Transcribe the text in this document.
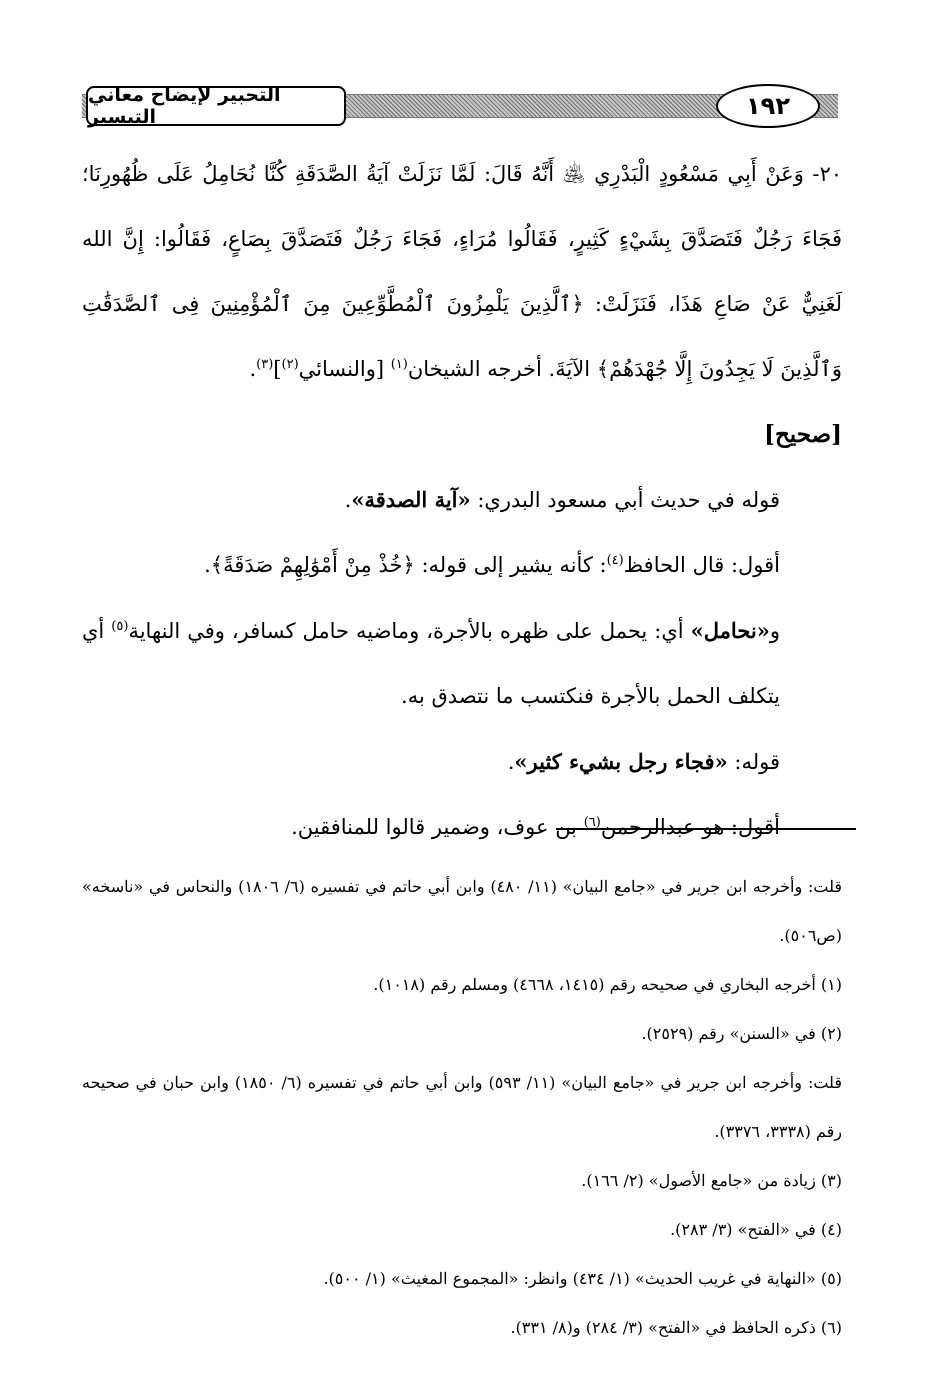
التحبير لإيضاح معاني التيسير	١٩٢

٢٠- وَعَنْ أَبِي مَسْعُودٍ الْبَدْرِي ﵁ أَنَّهُ قَالَ: لَمَّا نَزَلَتْ آيَةُ الصَّدَقَةِ كُنَّا نُحَامِلُ عَلَى ظُهُورِنَا؛ فَجَاءَ رَجُلٌ فَتَصَدَّقَ بِشَيْءٍ كَثِيرٍ، فَقَالُوا مُرَاءٍ، فَجَاءَ رَجُلٌ فَتَصَدَّقَ بِصَاعٍ، فَقَالُوا: إِنَّ الله لَغَنِيٌّ عَنْ صَاعِ هَذَا، فَنَزَلَتْ: ﴿ٱلَّذِينَ يَلْمِزُونَ ٱلْمُطَّوِّعِينَ مِنَ ٱلْمُؤْمِنِينَ فِى ٱلصَّدَقَٰتِ وَٱلَّذِينَ لَا يَجِدُونَ إِلَّا جُهْدَهُمْ﴾ الآيَةَ. أخرجه الشيخان$^{(١)}$ [والنسائي$^{(٢)}$]$^{(٣)}$.

[صحيح]

قوله في حديث أبي مسعود البدري: «آية الصدقة».

أقول: قال الحافظ$^{(٤)}$: كأنه يشير إلى قوله: ﴿خُذْ مِنْ أَمْوَٰلِهِمْ صَدَقَةً﴾.

و«نحامل» أي: يحمل على ظهره بالأجرة، وماضيه حامل كسافر، وفي النهاية$^{(٥)}$ أي يتكلف الحمل بالأجرة فنكتسب ما نتصدق به.

قوله: «فجاء رجل بشيء كثير».

أقول: هو عبدالرحمن$^{(٦)}$ بن عوف، وضمير قالوا للمنافقين.

قلت: وأخرجه ابن جرير في «جامع البيان» (١١/ ٤٨٠) وابن أبي حاتم في تفسيره (٦/ ١٨٠٦) والنحاس في «ناسخه» (ص٥٠٦).

(١) أخرجه البخاري في صحيحه رقم (١٤١٥، ٤٦٦٨) ومسلم رقم (١٠١٨).

(٢) في «السنن» رقم (٢٥٢٩).

قلت: وأخرجه ابن جرير في «جامع البيان» (١١/ ٥٩٣) وابن أبي حاتم في تفسيره (٦/ ١٨٥٠) وابن حبان في صحيحه رقم (٣٣٣٨، ٣٣٧٦).

(٣) زيادة من «جامع الأصول» (٢/ ١٦٦).

(٤) في «الفتح» (٣/ ٢٨٣).

(٥) «النهاية في غريب الحديث» (١/ ٤٣٤) وانظر: «المجموع المغيث» (١/ ٥٠٠).

(٦) ذكره الحافظ في «الفتح» (٣/ ٢٨٤) و(٨/ ٣٣١).
